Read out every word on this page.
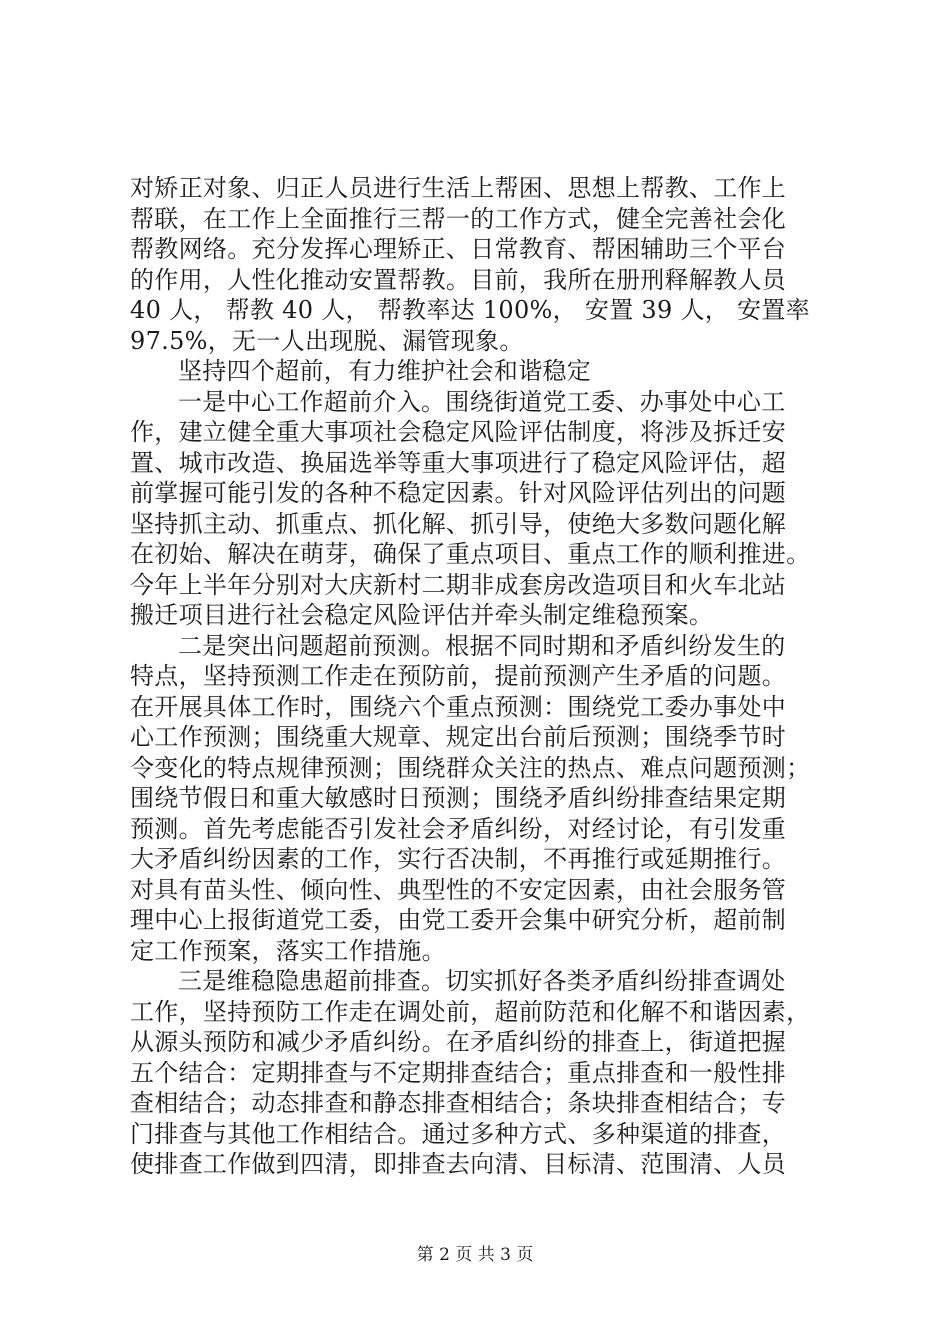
对矫正对象、归正人员进行生活上帮困、思想上帮教、工作上
帮联，在工作上全面推行三帮一的工作方式，健全完善社会化
帮教网络。充分发挥心理矫正、日常教育、帮困辅助三个平台
的作用，人性化推动安置帮教。目前，我所在册刑释解教人员
40 人， 帮教 40 人， 帮教率达 100%， 安置 39 人， 安置率
97.5%，无一人出现脱、漏管现象。
坚持四个超前，有力维护社会和谐稳定
一是中心工作超前介入。围绕街道党工委、办事处中心工
作，建立健全重大事项社会稳定风险评估制度，将涉及拆迁安
置、城市改造、换届选举等重大事项进行了稳定风险评估，超
前掌握可能引发的各种不稳定因素。针对风险评估列出的问题
坚持抓主动、抓重点、抓化解、抓引导，使绝大多数问题化解
在初始、解决在萌芽，确保了重点项目、重点工作的顺利推进。
今年上半年分别对大庆新村二期非成套房改造项目和火车北站
搬迁项目进行社会稳定风险评估并牵头制定维稳预案。
二是突出问题超前预测。根据不同时期和矛盾纠纷发生的
特点，坚持预测工作走在预防前，提前预测产生矛盾的问题。
在开展具体工作时，围绕六个重点预测：围绕党工委办事处中
心工作预测；围绕重大规章、规定出台前后预测；围绕季节时
令变化的特点规律预测；围绕群众关注的热点、难点问题预测；
围绕节假日和重大敏感时日预测；围绕矛盾纠纷排查结果定期
预测。首先考虑能否引发社会矛盾纠纷，对经讨论，有引发重
大矛盾纠纷因素的工作，实行否决制，不再推行或延期推行。
对具有苗头性、倾向性、典型性的不安定因素，由社会服务管
理中心上报街道党工委，由党工委开会集中研究分析，超前制
定工作预案，落实工作措施。
三是维稳隐患超前排查。切实抓好各类矛盾纠纷排查调处
工作，坚持预防工作走在调处前，超前防范和化解不和谐因素，
从源头预防和减少矛盾纠纷。在矛盾纠纷的排查上，街道把握
五个结合：定期排查与不定期排查结合；重点排查和一般性排
查相结合；动态排查和静态排查相结合；条块排查相结合；专
门排查与其他工作相结合。通过多种方式、多种渠道的排查，
使排查工作做到四清，即排查去向清、目标清、范围清、人员
第 2 页 共 3 页
